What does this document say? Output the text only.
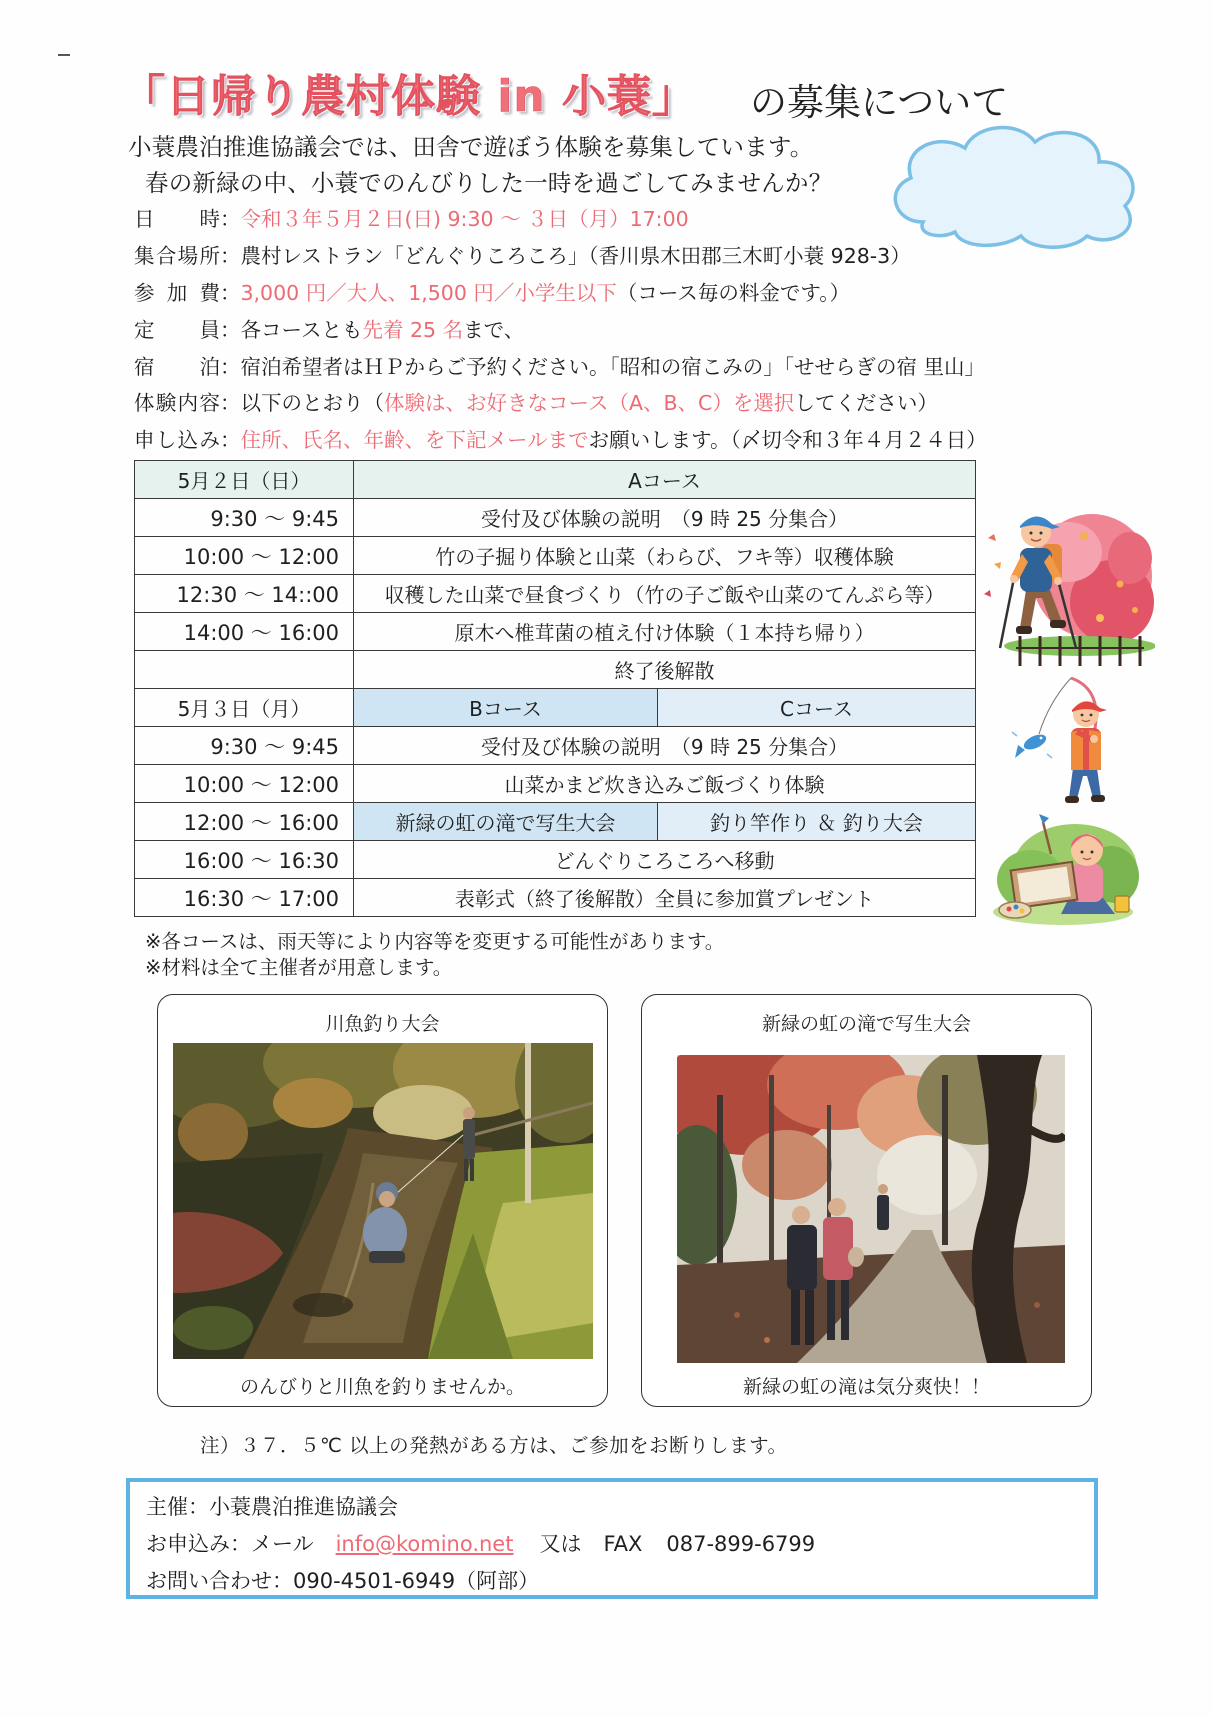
「日帰り農村体験 in 小蓑」 の募集について
小蓑農泊推進協議会では、田舎で遊ぼう体験を募集しています。
春の新緑の中、小蓑でのんびりした一時を過ごしてみませんか？
日　　時：令和３年５月２日(日) 9:30 ～ ３日（月）17:00
集合場所：農村レストラン「どんぐりころころ」（香川県木田郡三木町小蓑 928-3）
参 加 費：3,000 円／大人、1,500 円／小学生以下（コース毎の料金です。）
定　　員：各コースとも先着 25 名まで、
宿　　泊：宿泊希望者はＨＰからご予約ください。「昭和の宿こみの」「せせらぎの宿 里山」
体験内容：以下のとおり（体験は、お好きなコース（A、B、C）を選択してください）
申し込み：住所、氏名、年齢、を下記メールまでお願いします。（〆切令和３年４月２４日）
5月２日（日）	Aコース	
9:30 ～ 9:45	受付及び体験の説明　（9 時 25 分集合）	
10:00 ～ 12:00	竹の子掘り体験と山菜（わらび、フキ等）収穫体験	
12:30 ～ 14::00	収穫した山菜で昼食づくり（竹の子ご飯や山菜のてんぷら等）	
14:00 ～ 16:00	原木へ椎茸菌の植え付け体験（１本持ち帰り）	
	終了後解散	
5月３日（月）	Bコース	Cコース
9:30 ～ 9:45	受付及び体験の説明　（9 時 25 分集合）	
10:00 ～ 12:00	山菜かまど炊き込みご飯づくり体験	
12:00 ～ 16:00	新緑の虹の滝で写生大会	釣り竿作り ＆ 釣り大会
16:00 ～ 16:30	どんぐりころころへ移動	
16:30 ～ 17:00	表彰式（終了後解散）全員に参加賞プレゼント	
※各コースは、雨天等により内容等を変更する可能性があります。
※材料は全て主催者が用意します。
川魚釣り大会
のんびりと川魚を釣りませんか。
新緑の虹の滝で写生大会
新緑の虹の滝は気分爽快！！
注）３７．５℃ 以上の発熱がある方は、ご参加をお断りします。
主催：小蓑農泊推進協議会
お申込み：メール info@komino.net 又は FAX 087-899-6799
お問い合わせ：090-4501-6949（阿部）
